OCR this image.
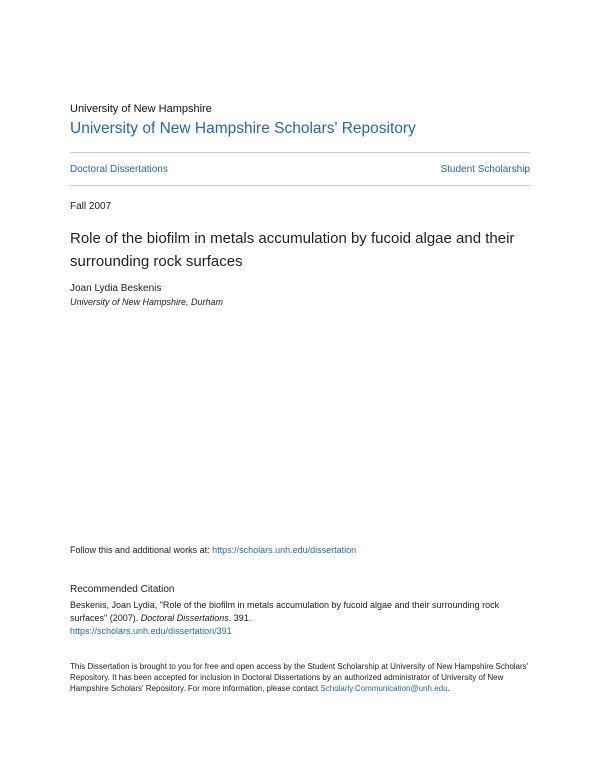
University of New Hampshire
University of New Hampshire Scholars' Repository
Doctoral Dissertations	Student Scholarship
Fall 2007
Role of the biofilm in metals accumulation by fucoid algae and their surrounding rock surfaces
Joan Lydia Beskenis
University of New Hampshire, Durham
Follow this and additional works at: https://scholars.unh.edu/dissertation
Recommended Citation
Beskenis, Joan Lydia, "Role of the biofilm in metals accumulation by fucoid algae and their surrounding rock surfaces" (2007). Doctoral Dissertations. 391.
https://scholars.unh.edu/dissertation/391
This Dissertation is brought to you for free and open access by the Student Scholarship at University of New Hampshire Scholars' Repository. It has been accepted for inclusion in Doctoral Dissertations by an authorized administrator of University of New Hampshire Scholars' Repository. For more information, please contact Scholarly.Communication@unh.edu.
